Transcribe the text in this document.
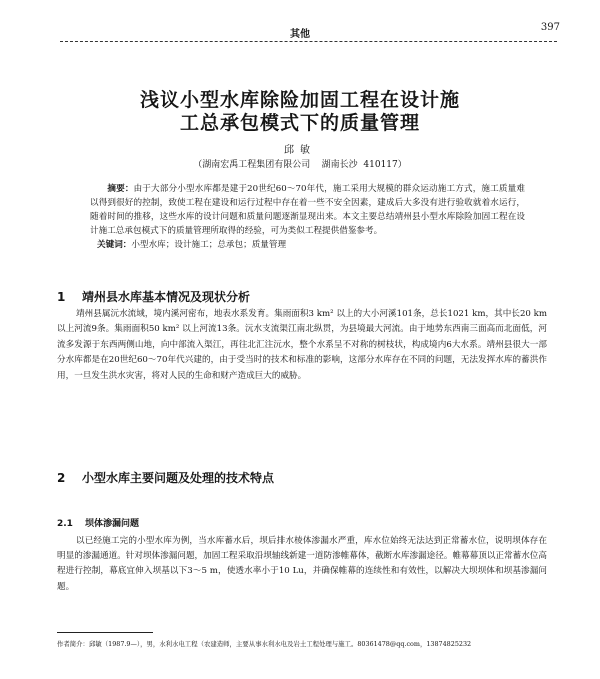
其他
397
浅议小型水库除险加固工程在设计施
工总承包模式下的质量管理
邱敏
（湖南宏禹工程集团有限公司    湖南长沙  410117）

  摘要：由于大部分小型水库都是建于20世纪60～70年代，施工采用大规模的群众运动施工方式，施工质量难以得到很好的控制，致使工程在建设和运行过程中存在着一些不安全因素，建成后大多没有进行验收就着水运行，随着时间的推移，这些水库的设计问题和质量问题逐渐显现出来。本文主要总结靖州县小型水库除险加固工程在设计施工总承包模式下的质量管理所取得的经验，可为类似工程提供借鉴参考。

关键词：小型水库；设计施工；总承包；质量管理

1 靖州县水库基本情况及现状分析

靖州县属沅水流域，境内溪河密布，地表水系发育。集雨面积3 km² 以上的大小河溪101条，总长1021 km，其中长20 km以上河流9条。集雨面积50 km² 以上河流13条。沅水支流渠江南北纵贯，为县境最大河流。由于地势东西南三面高而北面低，河流多发源于东西两侧山地，向中部流入渠江，再往北汇注沅水，整个水系呈不对称的树枝状，构成境内6大水系。靖州县很大一部分水库都是在20世纪60～70年代兴建的，由于受当时的技术和标准的影响，这部分水库存在不同的问题，无法发挥水库的蓄洪作用，一旦发生洪水灾害，将对人民的生命和财产造成巨大的威胁。

2 小型水库主要问题及处理的技术特点
2.1 坝体渗漏问题

以已经施工完的小型水库为例，当水库蓄水后，坝后排水棱体渗漏水严重，库水位始终无法达到正常蓄水位，说明坝体存在明显的渗漏通道。针对坝体渗漏问题，加固工程采取沿坝轴线新建一道防渗帷幕体，截断水库渗漏途径。帷幕幕顶以正常蓄水位高程进行控制，幕底宜伸入坝基以下3～5 m，使透水率小于10 Lu，并确保帷幕的连续性和有效性，以解决大坝坝体和坝基渗漏问题。

作者简介：邱敏（1987.9—），男，水利水电工程（农建造师，主要从事水利水电及岩土工程处理与施工。80361478@qq.com，13874825232
